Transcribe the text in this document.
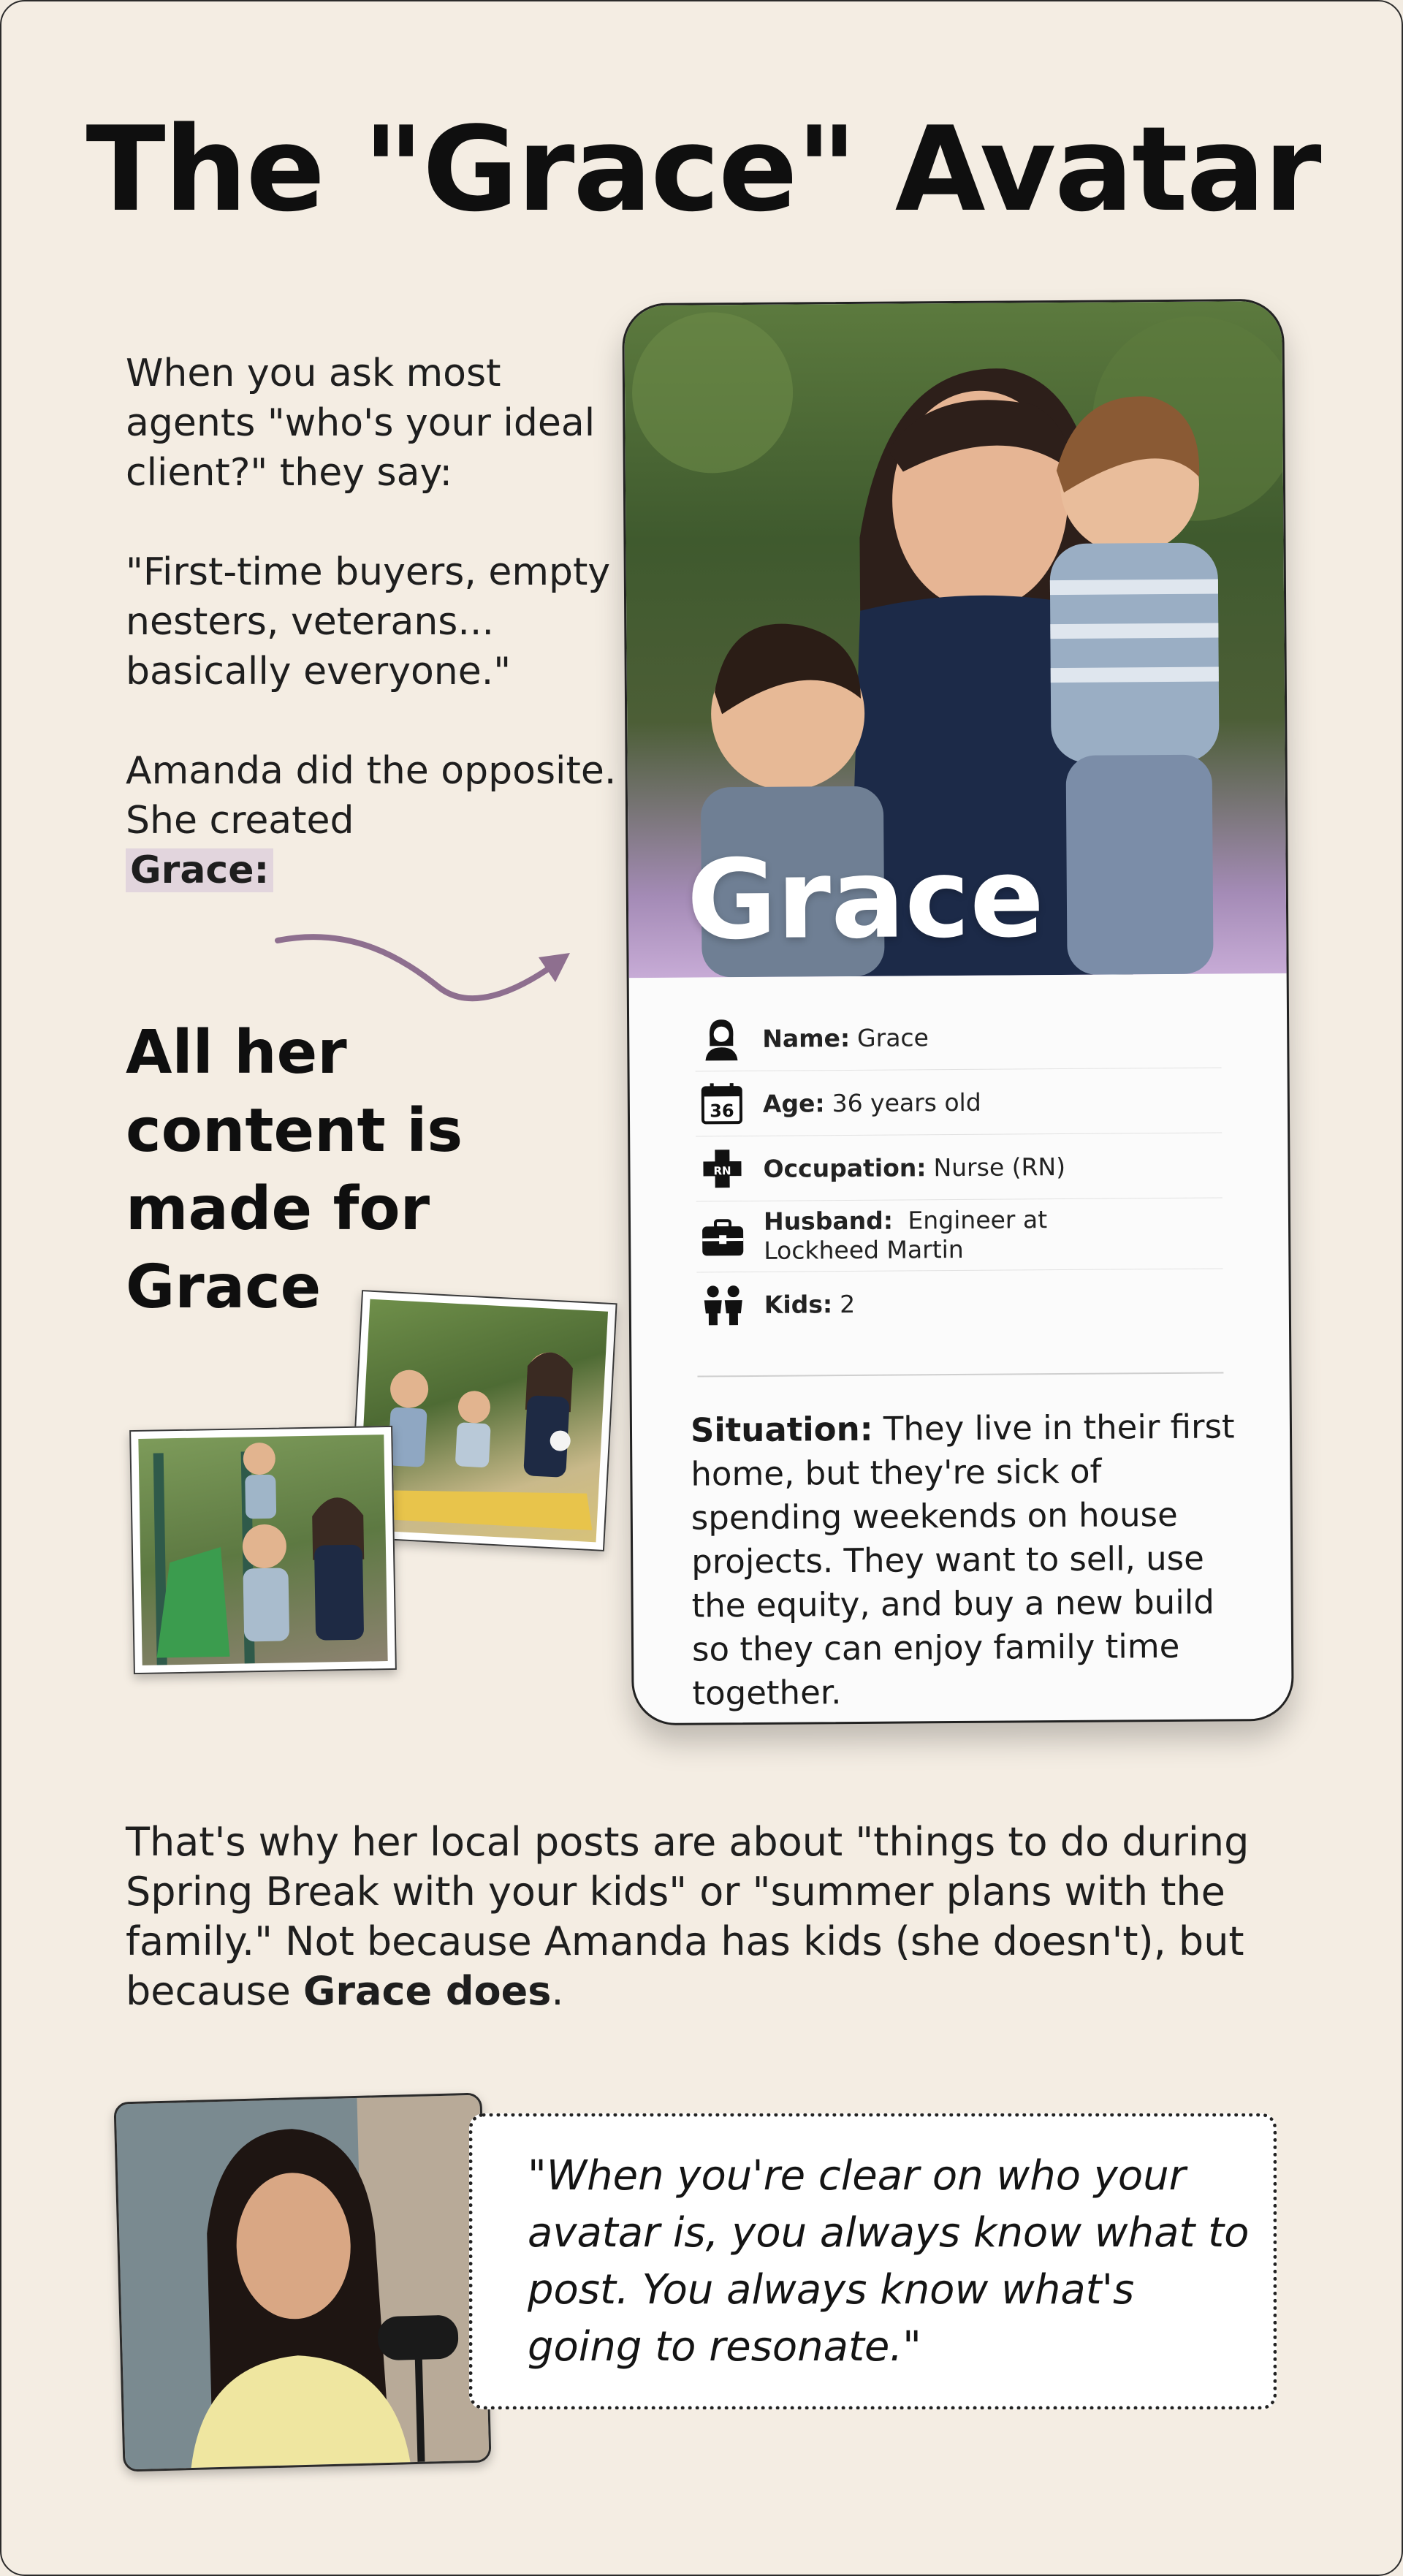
The "Grace" Avatar

When you ask most agents "who's your ideal client?" they say:

"First-time buyers, empty nesters, veterans... basically everyone."

Amanda did the opposite. She created
Grace:

All her content is made for Grace
Grace
Name: Grace
36 Age: 36 years old
RN Occupation: Nurse (RN)
Husband: Engineer at Lockheed Martin
Kids: 2
Situation: They live in their first home, but they're sick of spending weekends on house projects. They want to sell, use the equity, and buy a new build so they can enjoy family time together.
That's why her local posts are about "things to do during Spring Break with your kids" or "summer plans with the family." Not because Amanda has kids (she doesn't), but because Grace does.
"When you're clear on who your avatar is, you always know what to post. You always know what's going to resonate."
